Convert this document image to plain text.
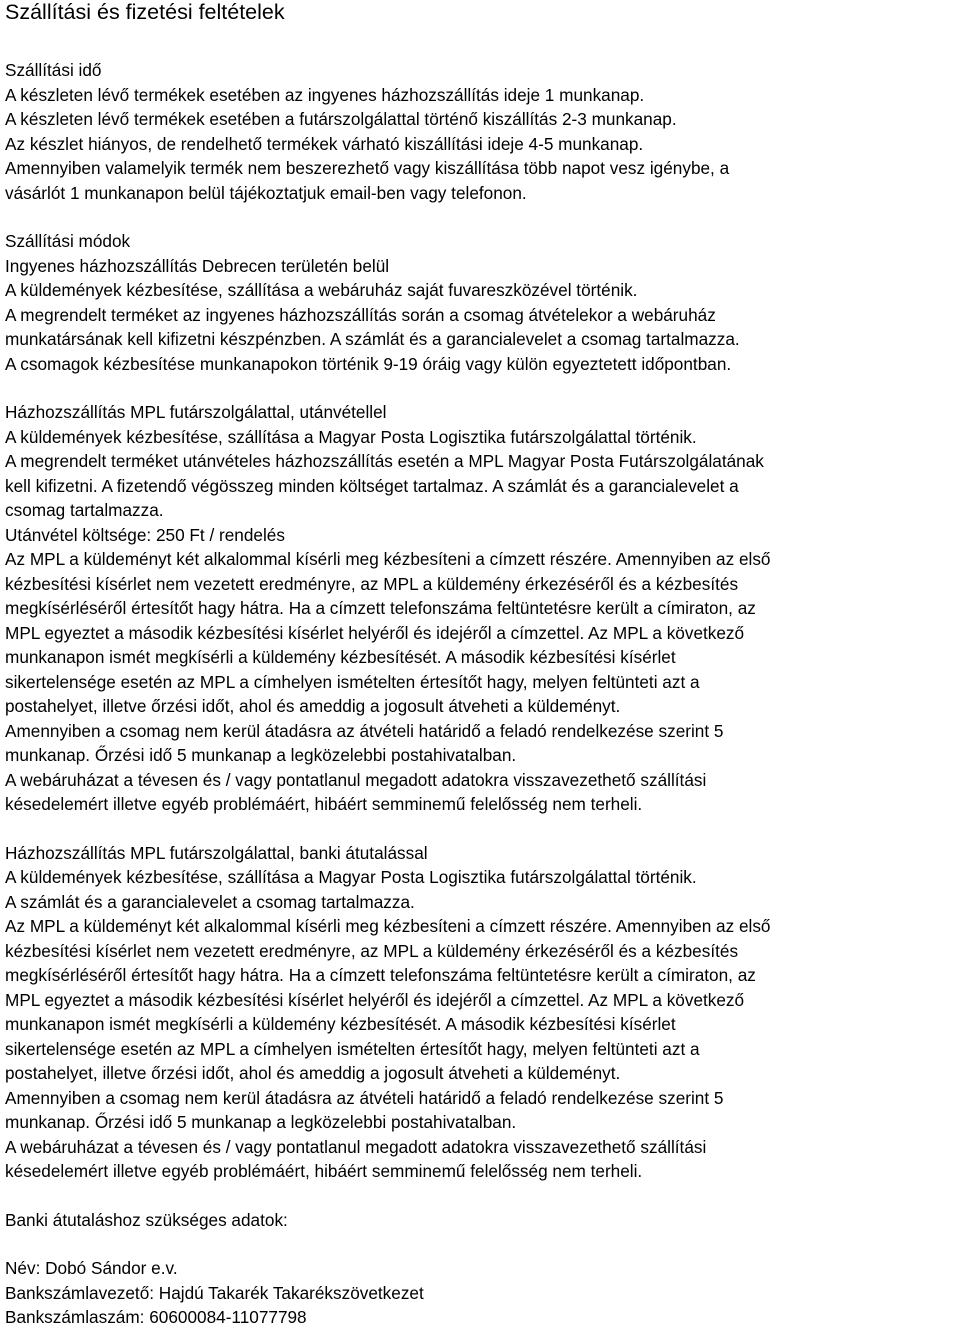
Szállítási és fizetési feltételek
Szállítási idő
A készleten lévő termékek esetében az ingyenes házhozszállítás ideje 1 munkanap.
A készleten lévő termékek esetében a futárszolgálattal történő kiszállítás 2-3 munkanap.
Az készlet hiányos, de rendelhető termékek várható kiszállítási ideje 4-5 munkanap.
Amennyiben valamelyik termék nem beszerezhető vagy kiszállítása több napot vesz igénybe, a
vásárlót 1 munkanapon belül tájékoztatjuk email-ben vagy telefonon.
Szállítási módok
Ingyenes házhozszállítás Debrecen területén belül
A küldemények kézbesítése, szállítása a webáruház saját fuvareszközével történik.
A megrendelt terméket az ingyenes házhozszállítás során a csomag átvételekor a webáruház
munkatársának kell kifizetni készpénzben. A számlát és a garancialevelet a csomag tartalmazza.
A csomagok kézbesítése munkanapokon történik 9-19 óráig vagy külön egyeztetett időpontban.
Házhozszállítás MPL futárszolgálattal, utánvétellel
A küldemények kézbesítése, szállítása a Magyar Posta Logisztika futárszolgálattal történik.
A megrendelt terméket utánvételes házhozszállítás esetén a MPL Magyar Posta Futárszolgálatának
kell kifizetni. A fizetendő végösszeg minden költséget tartalmaz. A számlát és a garancialevelet a
csomag tartalmazza.
Utánvétel költsége: 250 Ft / rendelés
Az MPL a küldeményt két alkalommal kísérli meg kézbesíteni a címzett részére. Amennyiben az első
kézbesítési kísérlet nem vezetett eredményre, az MPL a küldemény érkezéséről és a kézbesítés
megkísérléséről értesítőt hagy hátra. Ha a címzett telefonszáma feltüntetésre került a címiraton, az
MPL egyeztet a második kézbesítési kísérlet helyéről és idejéről a címzettel. Az MPL a következő
munkanapon ismét megkísérli a küldemény kézbesítését. A második kézbesítési kísérlet
sikertelensége esetén az MPL a címhelyen ismételten értesítőt hagy, melyen feltünteti azt a
postahelyet, illetve őrzési időt, ahol és ameddig a jogosult átveheti a küldeményt.
Amennyiben a csomag nem kerül átadásra az átvételi határidő a feladó rendelkezése szerint 5
munkanap. Őrzési idő 5 munkanap a legközelebbi postahivatalban.
A webáruházat a tévesen és / vagy pontatlanul megadott adatokra visszavezethető szállítási
késedelemért illetve egyéb problémáért, hibáért semminemű felelősség nem terheli.
Házhozszállítás MPL futárszolgálattal, banki átutalással
A küldemények kézbesítése, szállítása a Magyar Posta Logisztika futárszolgálattal történik.
A számlát és a garancialevelet a csomag tartalmazza.
Az MPL a küldeményt két alkalommal kísérli meg kézbesíteni a címzett részére. Amennyiben az első
kézbesítési kísérlet nem vezetett eredményre, az MPL a küldemény érkezéséről és a kézbesítés
megkísérléséről értesítőt hagy hátra. Ha a címzett telefonszáma feltüntetésre került a címiraton, az
MPL egyeztet a második kézbesítési kísérlet helyéről és idejéről a címzettel. Az MPL a következő
munkanapon ismét megkísérli a küldemény kézbesítését. A második kézbesítési kísérlet
sikertelensége esetén az MPL a címhelyen ismételten értesítőt hagy, melyen feltünteti azt a
postahelyet, illetve őrzési időt, ahol és ameddig a jogosult átveheti a küldeményt.
Amennyiben a csomag nem kerül átadásra az átvételi határidő a feladó rendelkezése szerint 5
munkanap. Őrzési idő 5 munkanap a legközelebbi postahivatalban.
A webáruházat a tévesen és / vagy pontatlanul megadott adatokra visszavezethető szállítási
késedelemért illetve egyéb problémáért, hibáért semminemű felelősség nem terheli.
Banki átutaláshoz szükséges adatok:
Név: Dobó Sándor e.v.
Bankszámlavezető: Hajdú Takarék Takarékszövetkezet
Bankszámlaszám: 60600084-11077798
